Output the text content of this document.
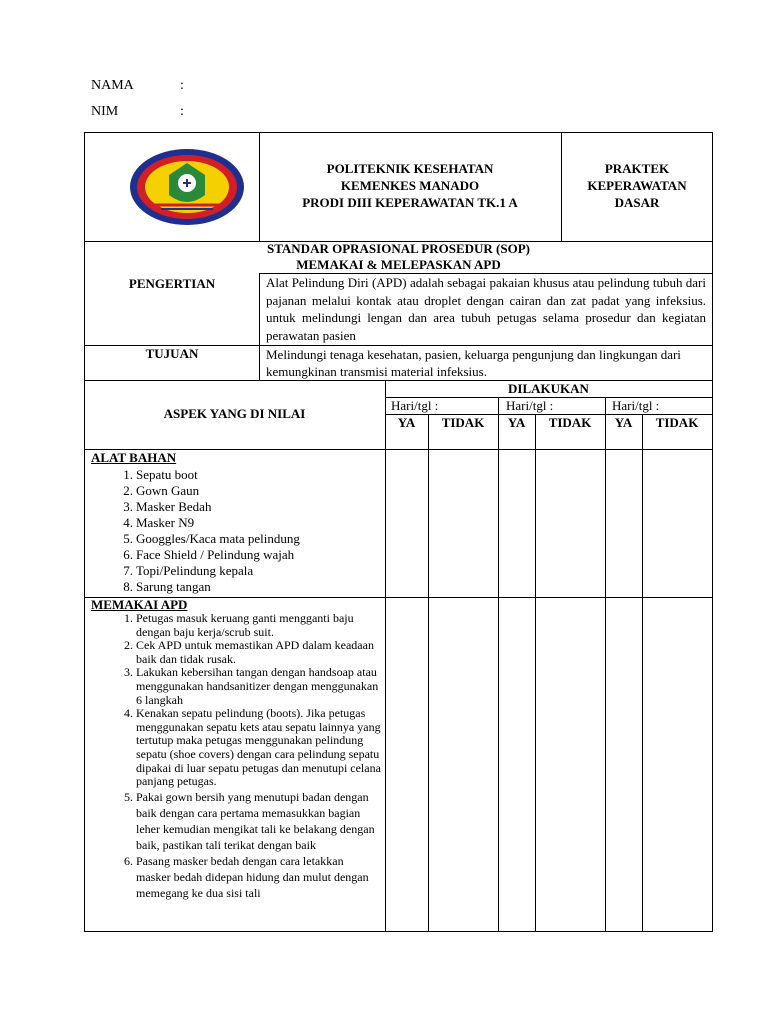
NAMA	:
NIM	:
POLITEKNIK KESEHATAN
KEMENKES MANADO
PRODI DIII KEPERAWATAN TK.1 A
PRAKTEK
KEPERAWATAN
DASAR
STANDAR OPRASIONAL PROSEDUR (SOP)
MEMAKAI & MELEPASKAN APD
PENGERTIAN	Alat Pelindung Diri (APD) adalah sebagai pakaian khusus atau pelindung tubuh dari pajanan melalui kontak atau droplet dengan cairan dan zat padat yang infeksius. untuk melindungi lengan dan area tubuh petugas selama prosedur dan kegiatan perawatan pasien
TUJUAN	Melindungi tenaga kesehatan, pasien, keluarga pengunjung dan lingkungan dari kemungkinan transmisi material infeksius.
ASPEK YANG DI NILAI
DILAKUKAN
Hari/tgl :	Hari/tgl :	Hari/tgl :
YA	TIDAK	YA	TIDAK	YA	TIDAK
ALAT BAHAN
1. Sepatu boot
2. Gown Gaun
3. Masker Bedah
4. Masker N9
5. Googgles/Kaca mata pelindung
6. Face Shield / Pelindung wajah
7. Topi/Pelindung kepala
8. Sarung tangan
MEMAKAI APD
1. Petugas masuk keruang ganti mengganti baju dengan baju kerja/scrub suit.
2. Cek APD untuk memastikan APD dalam keadaan baik dan tidak rusak.
3. Lakukan kebersihan tangan dengan handsoap atau menggunakan handsanitizer dengan menggunakan 6 langkah
4. Kenakan sepatu pelindung (boots). Jika petugas menggunakan sepatu kets atau sepatu lainnya yang tertutup maka petugas menggunakan pelindung sepatu (shoe covers) dengan cara pelindung sepatu dipakai di luar sepatu petugas dan menutupi celana panjang petugas.
5. Pakai gown bersih yang menutupi badan dengan baik dengan cara pertama memasukkan bagian leher kemudian mengikat tali ke belakang dengan baik, pastikan tali terikat dengan baik
6. Pasang masker bedah dengan cara letakkan masker bedah didepan hidung dan mulut dengan memegang ke dua sisi tali
